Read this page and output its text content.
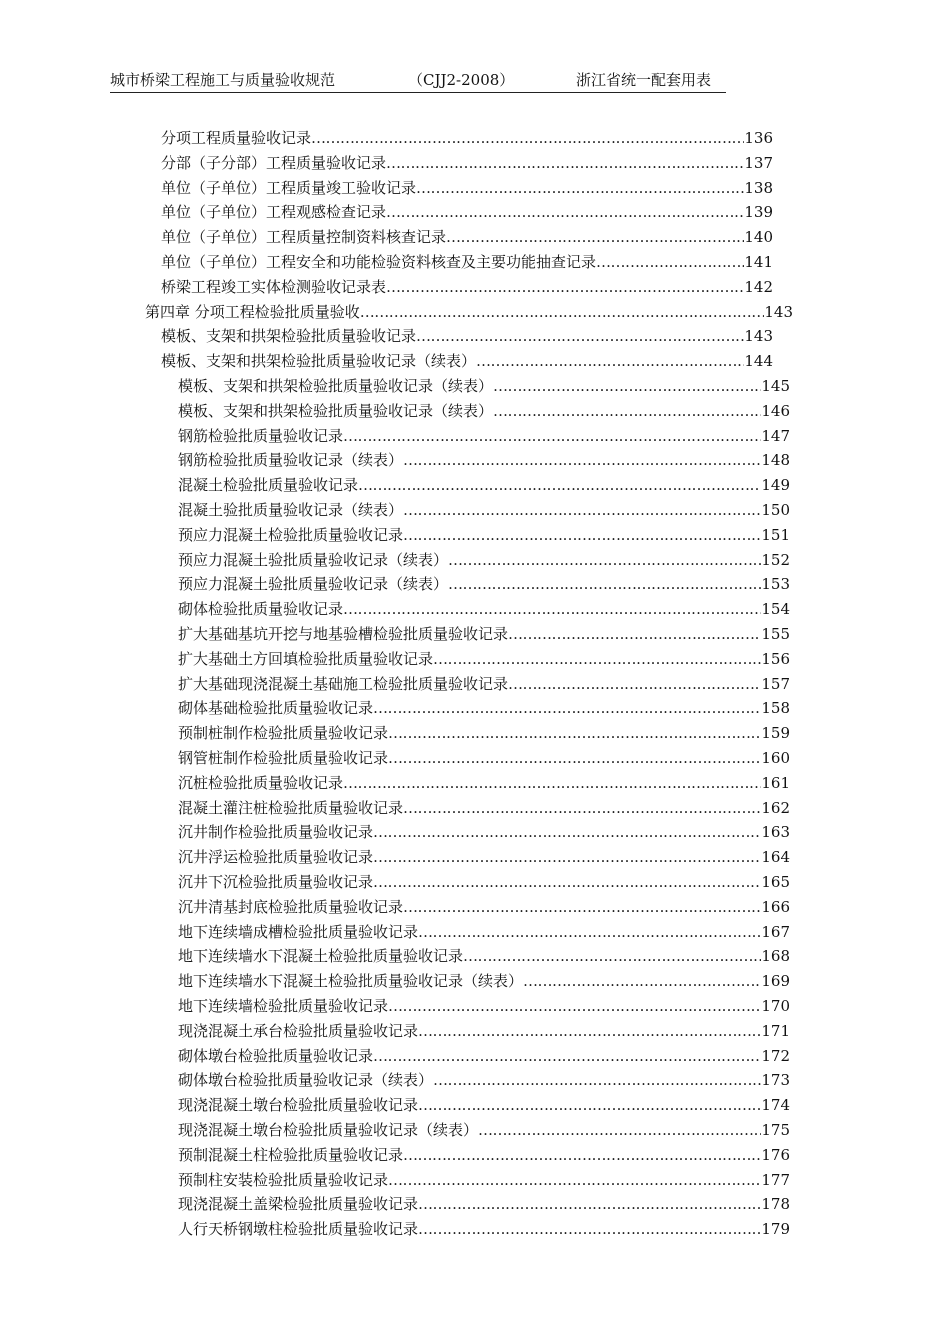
城市桥梁工程施工与质量验收规范	（CJJ2-2008）	浙江省统一配套用表
分项工程质量验收记录 ……………………………………………………………………………………………………………………………………………………………………………………	136
分部（子分部）工程质量验收记录 ……………………………………………………………………………………………………………………………………………………………………………………	137
单位（子单位）工程质量竣工验收记录 ……………………………………………………………………………………………………………………………………………………………………………………	138
单位（子单位）工程观感检查记录 ……………………………………………………………………………………………………………………………………………………………………………………	139
单位（子单位）工程质量控制资料核查记录 ……………………………………………………………………………………………………………………………………………………………………………………	140
单位（子单位）工程安全和功能检验资料核查及主要功能抽查记录 ……………………………………………………………………………………………………………………………………………………………………………………	141
桥梁工程竣工实体检测验收记录表 ……………………………………………………………………………………………………………………………………………………………………………………	142
第四章 分项工程检验批质量验收 ……………………………………………………………………………………………………………………………………………………………………………………	143
模板、支架和拱架检验批质量验收记录 ……………………………………………………………………………………………………………………………………………………………………………………	143
模板、支架和拱架检验批质量验收记录（续表） ……………………………………………………………………………………………………………………………………………………………………………………	144
模板、支架和拱架检验批质量验收记录（续表） ……………………………………………………………………………………………………………………………………………………………………………………	145
模板、支架和拱架检验批质量验收记录（续表） ……………………………………………………………………………………………………………………………………………………………………………………	146
钢筋检验批质量验收记录 ……………………………………………………………………………………………………………………………………………………………………………………	147
钢筋检验批质量验收记录（续表） ……………………………………………………………………………………………………………………………………………………………………………………	148
混凝土检验批质量验收记录 ……………………………………………………………………………………………………………………………………………………………………………………	149
混凝土验批质量验收记录（续表） ……………………………………………………………………………………………………………………………………………………………………………………	150
预应力混凝土检验批质量验收记录 ……………………………………………………………………………………………………………………………………………………………………………………	151
预应力混凝土验批质量验收记录（续表） ……………………………………………………………………………………………………………………………………………………………………………………	152
预应力混凝土验批质量验收记录（续表） ……………………………………………………………………………………………………………………………………………………………………………………	153
砌体检验批质量验收记录 ……………………………………………………………………………………………………………………………………………………………………………………	154
扩大基础基坑开挖与地基验槽检验批质量验收记录 ……………………………………………………………………………………………………………………………………………………………………………………	155
扩大基础土方回填检验批质量验收记录 ……………………………………………………………………………………………………………………………………………………………………………………	156
扩大基础现浇混凝土基础施工检验批质量验收记录 ……………………………………………………………………………………………………………………………………………………………………………………	157
砌体基础检验批质量验收记录 ……………………………………………………………………………………………………………………………………………………………………………………	158
预制桩制作检验批质量验收记录 ……………………………………………………………………………………………………………………………………………………………………………………	159
钢管桩制作检验批质量验收记录 ……………………………………………………………………………………………………………………………………………………………………………………	160
沉桩检验批质量验收记录 ……………………………………………………………………………………………………………………………………………………………………………………	161
混凝土灌注桩检验批质量验收记录 ……………………………………………………………………………………………………………………………………………………………………………………	162
沉井制作检验批质量验收记录 ……………………………………………………………………………………………………………………………………………………………………………………	163
沉井浮运检验批质量验收记录 ……………………………………………………………………………………………………………………………………………………………………………………	164
沉井下沉检验批质量验收记录 ……………………………………………………………………………………………………………………………………………………………………………………	165
沉井清基封底检验批质量验收记录 ……………………………………………………………………………………………………………………………………………………………………………………	166
地下连续墙成槽检验批质量验收记录 ……………………………………………………………………………………………………………………………………………………………………………………	167
地下连续墙水下混凝土检验批质量验收记录 ……………………………………………………………………………………………………………………………………………………………………………………	168
地下连续墙水下混凝土检验批质量验收记录（续表） ……………………………………………………………………………………………………………………………………………………………………………………	169
地下连续墙检验批质量验收记录 ……………………………………………………………………………………………………………………………………………………………………………………	170
现浇混凝土承台检验批质量验收记录 ……………………………………………………………………………………………………………………………………………………………………………………	171
砌体墩台检验批质量验收记录 ……………………………………………………………………………………………………………………………………………………………………………………	172
砌体墩台检验批质量验收记录（续表） ……………………………………………………………………………………………………………………………………………………………………………………	173
现浇混凝土墩台检验批质量验收记录 ……………………………………………………………………………………………………………………………………………………………………………………	174
现浇混凝土墩台检验批质量验收记录（续表） ……………………………………………………………………………………………………………………………………………………………………………………	175
预制混凝土柱检验批质量验收记录 ……………………………………………………………………………………………………………………………………………………………………………………	176
预制柱安装检验批质量验收记录 ……………………………………………………………………………………………………………………………………………………………………………………	177
现浇混凝土盖梁检验批质量验收记录 ……………………………………………………………………………………………………………………………………………………………………………………	178
人行天桥钢墩柱检验批质量验收记录 ……………………………………………………………………………………………………………………………………………………………………………………	179
